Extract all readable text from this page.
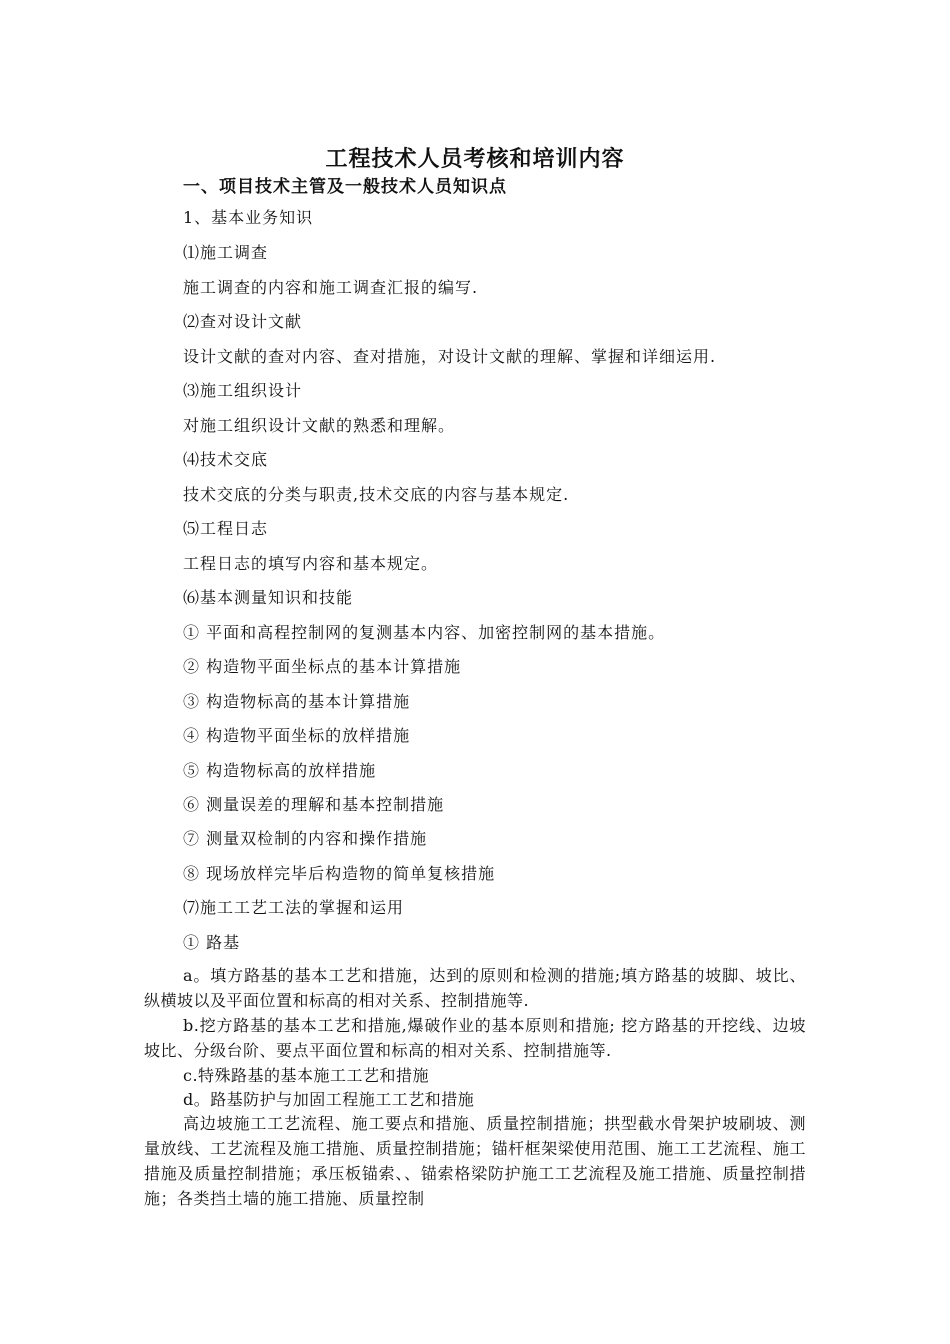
工程技术人员考核和培训内容
一、项目技术主管及一般技术人员知识点
1、基本业务知识
⑴施工调查
施工调查的内容和施工调查汇报的编写.
⑵查对设计文献
设计文献的查对内容、查对措施，对设计文献的理解、掌握和详细运用.
⑶施工组织设计
对施工组织设计文献的熟悉和理解。
⑷技术交底
技术交底的分类与职责,技术交底的内容与基本规定.
⑸工程日志
工程日志的填写内容和基本规定。
⑹基本测量知识和技能
① 平面和高程控制网的复测基本内容、加密控制网的基本措施。
② 构造物平面坐标点的基本计算措施
③ 构造物标高的基本计算措施
④ 构造物平面坐标的放样措施
⑤ 构造物标高的放样措施
⑥ 测量误差的理解和基本控制措施
⑦ 测量双检制的内容和操作措施
⑧ 现场放样完毕后构造物的简单复核措施
⑺施工工艺工法的掌握和运用
① 路基
a。填方路基的基本工艺和措施，达到的原则和检测的措施;填方路基的坡脚、坡比、纵横坡以及平面位置和标高的相对关系、控制措施等.
b.挖方路基的基本工艺和措施,爆破作业的基本原则和措施; 挖方路基的开挖线、边坡坡比、分级台阶、要点平面位置和标高的相对关系、控制措施等.
c.特殊路基的基本施工工艺和措施
d。路基防护与加固工程施工工艺和措施
高边坡施工工艺流程、施工要点和措施、质量控制措施；拱型截水骨架护坡刷坡、测量放线、工艺流程及施工措施、质量控制措施；锚杆框架梁使用范围、施工工艺流程、施工措施及质量控制措施；承压板锚索、、锚索格梁防护施工工艺流程及施工措施、质量控制措施；各类挡土墙的施工措施、质量控制
